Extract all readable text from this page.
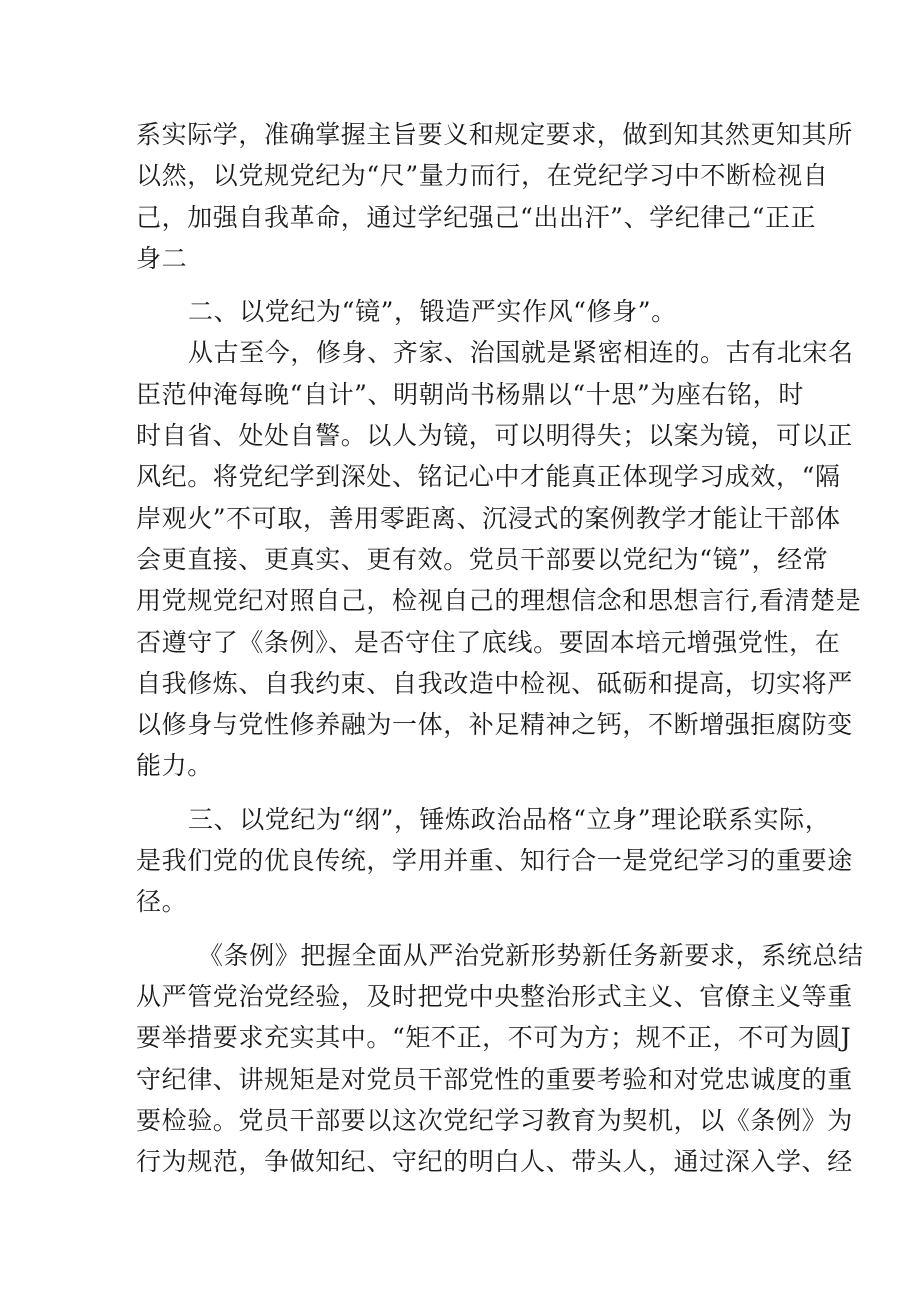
系实际学，准确掌握主旨要义和规定要求，做到知其然更知其所
以然，以党规党纪为“尺”量力而行，在党纪学习中不断检视自
己，加强自我革命，通过学纪强己“出出汗”、学纪律己“正正
身二
二、以党纪为“镜”，锻造严实作风“修身”。
从古至今，修身、齐家、治国就是紧密相连的。古有北宋名
臣范仲淹每晚“自计”、明朝尚书杨鼎以“十思”为座右铭，时
时自省、处处自警。以人为镜，可以明得失；以案为镜，可以正
风纪。将党纪学到深处、铭记心中才能真正体现学习成效，“隔
岸观火”不可取，善用零距离、沉浸式的案例教学才能让干部体
会更直接、更真实、更有效。党员干部要以党纪为“镜”，经常
用党规党纪对照自己，检视自己的理想信念和思想言行,看清楚是
否遵守了《条例》、是否守住了底线。要固本培元增强党性，在
自我修炼、自我约束、自我改造中检视、砥砺和提高，切实将严
以修身与党性修养融为一体，补足精神之钙，不断增强拒腐防变
能力。
三、以党纪为“纲”，锤炼政治品格“立身”理论联系实际，
是我们党的优良传统，学用并重、知行合一是党纪学习的重要途
径。
《条例》把握全面从严治党新形势新任务新要求，系统总结
从严管党治党经验，及时把党中央整治形式主义、官僚主义等重
要举措要求充实其中。“矩不正，不可为方；规不正，不可为圆J
守纪律、讲规矩是对党员干部党性的重要考验和对党忠诚度的重
要检验。党员干部要以这次党纪学习教育为契机，以《条例》为
行为规范，争做知纪、守纪的明白人、带头人，通过深入学、经
